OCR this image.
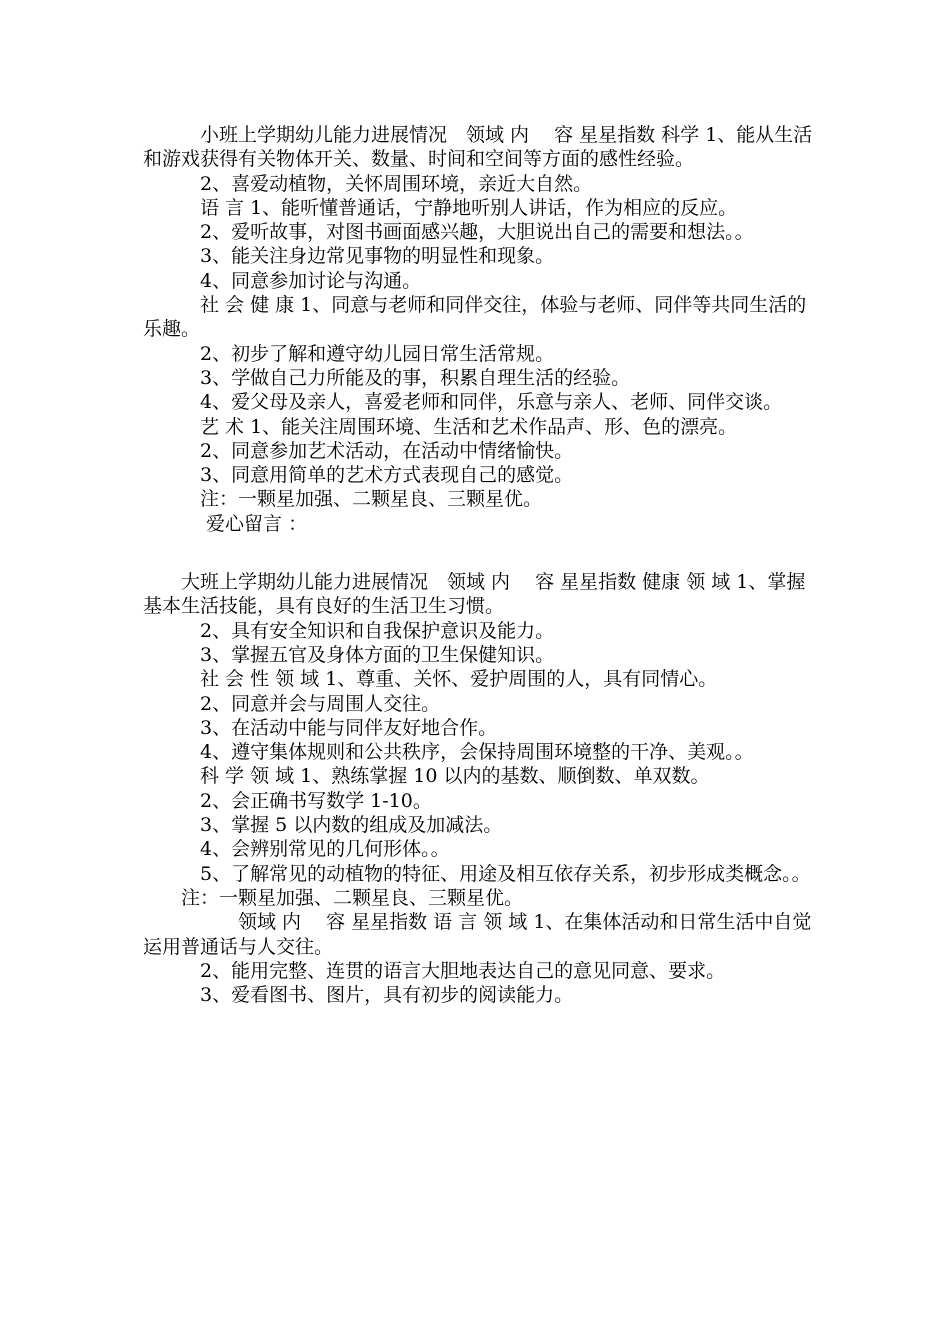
　　　小班上学期幼儿能力进展情况　领域 内　 容 星星指数 科学 1、能从生活和游戏获得有关物体开关、数量、时间和空间等方面的感性经验。

　　　2、喜爱动植物，关怀周围环境，亲近大自然。

　　　语 言 1、能听懂普通话，宁静地听别人讲话，作为相应的反应。

　　　2、爱听故事，对图书画面感兴趣，大胆说出自己的需要和想法。。

　　　3、能关注身边常见事物的明显性和现象。

　　　4、同意参加讨论与沟通。

　　　社 会 健 康 1、同意与老师和同伴交往，体验与老师、同伴等共同生活的乐趣。

　　　2、初步了解和遵守幼儿园日常生活常规。

　　　3、学做自己力所能及的事，积累自理生活的经验。

　　　4、爱父母及亲人，喜爱老师和同伴，乐意与亲人、老师、同伴交谈。

　　　艺 术 1、能关注周围环境、生活和艺术作品声、形、色的漂亮。

　　　2、同意参加艺术活动，在活动中情绪愉快。

　　　3、同意用简单的艺术方式表现自己的感觉。

　　　注：一颗星加强、二颗星良、三颗星优。

　　　 爱心留言 ：

　　大班上学期幼儿能力进展情况　领域 内　 容 星星指数 健康 领 域 1、掌握基本生活技能，具有良好的生活卫生习惯。

　　　2、具有安全知识和自我保护意识及能力。

　　　3、掌握五官及身体方面的卫生保健知识。

　　　社 会 性 领 域 1、尊重、关怀、爱护周围的人，具有同情心。

　　　2、同意并会与周围人交往。

　　　3、在活动中能与同伴友好地合作。

　　　4、遵守集体规则和公共秩序，会保持周围环境整的干净、美观。。

　　　科 学 领 域 1、熟练掌握 10 以内的基数、顺倒数、单双数。

　　　2、会正确书写数学 1-10。

　　　3、掌握 5 以内数的组成及加减法。

　　　4、会辨别常见的几何形体。。

　　　5、了解常见的动植物的特征、用途及相互依存关系，初步形成类概念。。

　　注：一颗星加强、二颗星良、三颗星优。

　　　　　领域 内　 容 星星指数 语 言 领 域 1、在集体活动和日常生活中自觉运用普通话与人交往。

　　　2、能用完整、连贯的语言大胆地表达自己的意见同意、要求。

　　　3、爱看图书、图片，具有初步的阅读能力。
